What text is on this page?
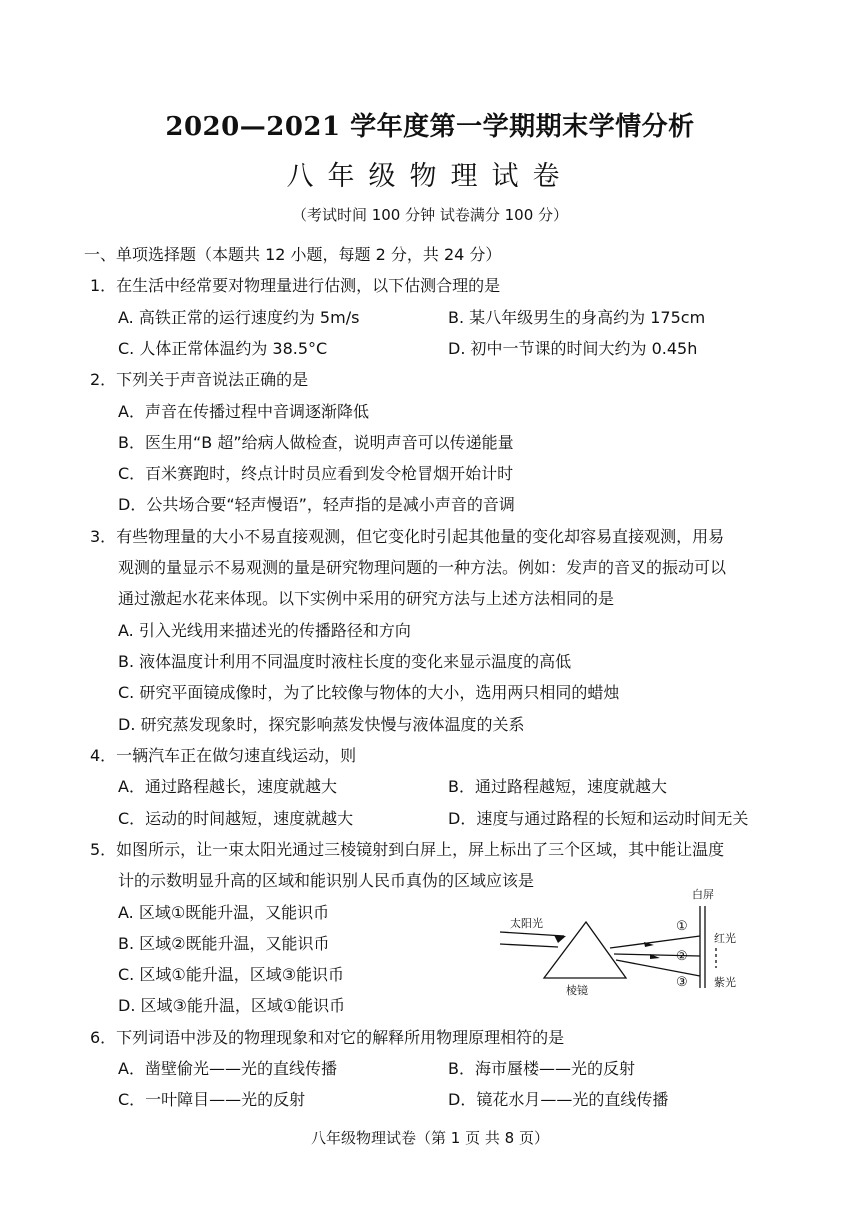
2020—2021 学年度第一学期期末学情分析
八年级物理试卷
（考试时间 100 分钟 试卷满分 100 分）
一、单项选择题（本题共 12 小题，每题 2 分，共 24 分）
1．在生活中经常要对物理量进行估测，以下估测合理的是
A. 高铁正常的运行速度约为 5m/s	B. 某八年级男生的身高约为 175cm
C. 人体正常体温约为 38.5°C	D. 初中一节课的时间大约为 0.45h
2．下列关于声音说法正确的是
A．声音在传播过程中音调逐渐降低
B．医生用“B 超”给病人做检查，说明声音可以传递能量
C．百米赛跑时，终点计时员应看到发令枪冒烟开始计时
D．公共场合要“轻声慢语”，轻声指的是减小声音的音调
3．有些物理量的大小不易直接观测，但它变化时引起其他量的变化却容易直接观测，用易
观测的量显示不易观测的量是研究物理问题的一种方法。例如：发声的音叉的振动可以
通过激起水花来体现。以下实例中采用的研究方法与上述方法相同的是
A. 引入光线用来描述光的传播路径和方向
B. 液体温度计利用不同温度时液柱长度的变化来显示温度的高低
C. 研究平面镜成像时，为了比较像与物体的大小，选用两只相同的蜡烛
D. 研究蒸发现象时，探究影响蒸发快慢与液体温度的关系
4．一辆汽车正在做匀速直线运动，则
A．通过路程越长，速度就越大	B．通过路程越短，速度就越大
C．运动的时间越短，速度就越大	D．速度与通过路程的长短和运动时间无关
5．如图所示，让一束太阳光通过三棱镜射到白屏上，屏上标出了三个区域，其中能让温度
计的示数明显升高的区域和能识别人民币真伪的区域应该是
A. 区域①既能升温，又能识币
B. 区域②既能升温，又能识币
C. 区域①能升温，区域③能识币
D. 区域③能升温，区域①能识币
太阳光
棱镜
白屏
①
②
③
红光
紫光
6．下列词语中涉及的物理现象和对它的解释所用物理原理相符的是
A．凿壁偷光——光的直线传播	B．海市蜃楼——光的反射
C．一叶障目——光的反射	D．镜花水月——光的直线传播
八年级物理试卷（第 1 页 共 8 页）
